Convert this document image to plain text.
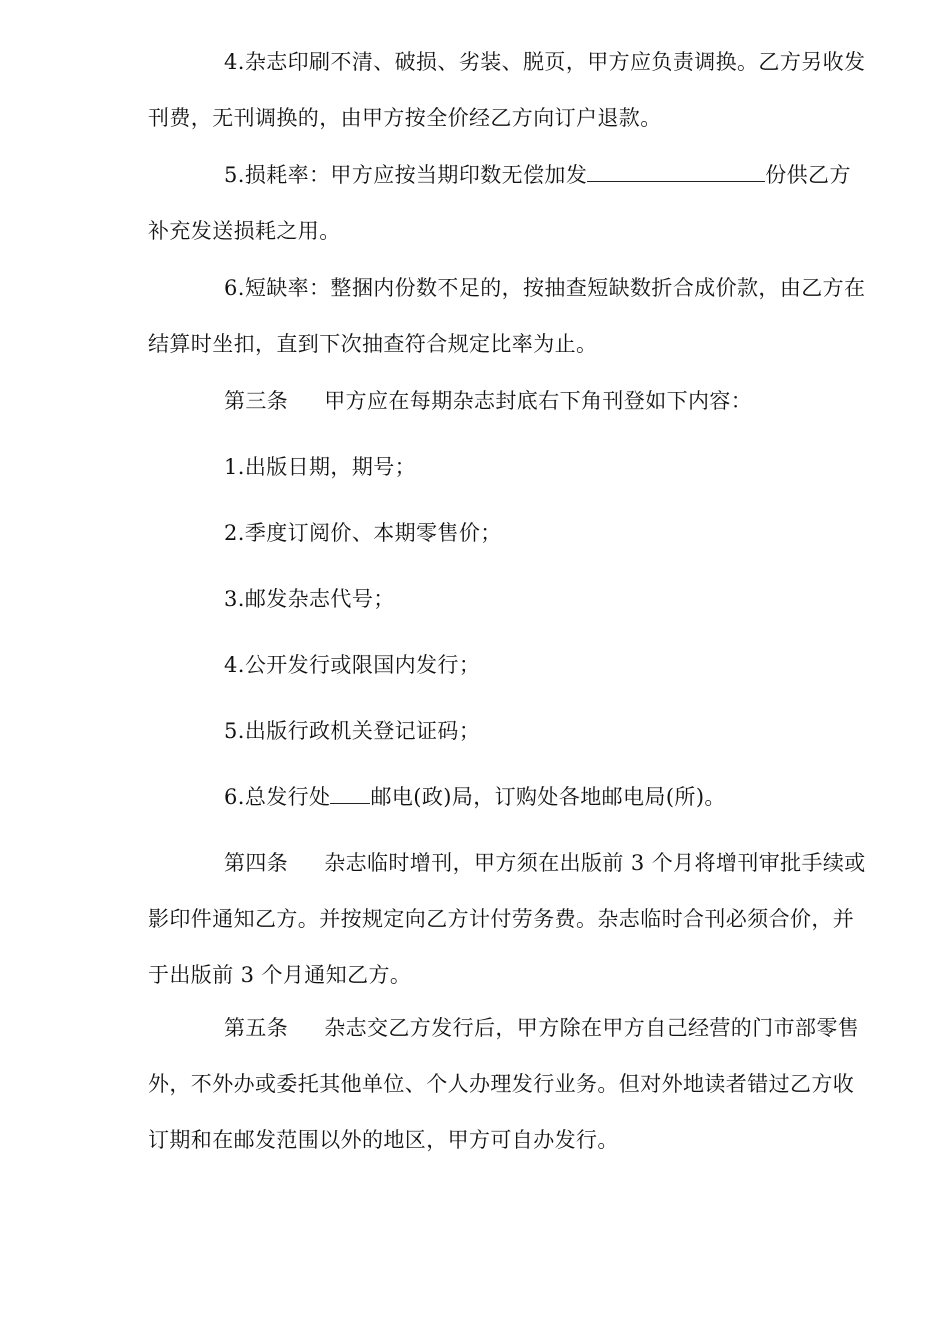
4.杂志印刷不清、破损、劣装、脱页，甲方应负责调换。乙方另收发刊费，无刊调换的，由甲方按全价经乙方向订户退款。

5.损耗率：甲方应按当期印数无偿加发	份供乙方补充发送损耗之用。

6.短缺率：整捆内份数不足的，按抽查短缺数折合成价款，由乙方在结算时坐扣，直到下次抽查符合规定比率为止。

第三条 甲方应在每期杂志封底右下角刊登如下内容：

1.出版日期，期号；

2.季度订阅价、本期零售价；

3.邮发杂志代号；

4.公开发行或限国内发行；

5.出版行政机关登记证码；

6.总发行处 邮电(政)局，订购处各地邮电局(所)。

第四条 杂志临时增刊，甲方须在出版前 3 个月将增刊审批手续或影印件通知乙方。并按规定向乙方计付劳务费。杂志临时合刊必须合价，并于出版前 3 个月通知乙方。

第五条 杂志交乙方发行后，甲方除在甲方自己经营的门市部零售外，不外办或委托其他单位、个人办理发行业务。但对外地读者错过乙方收订期和在邮发范围以外的地区，甲方可自办发行。
